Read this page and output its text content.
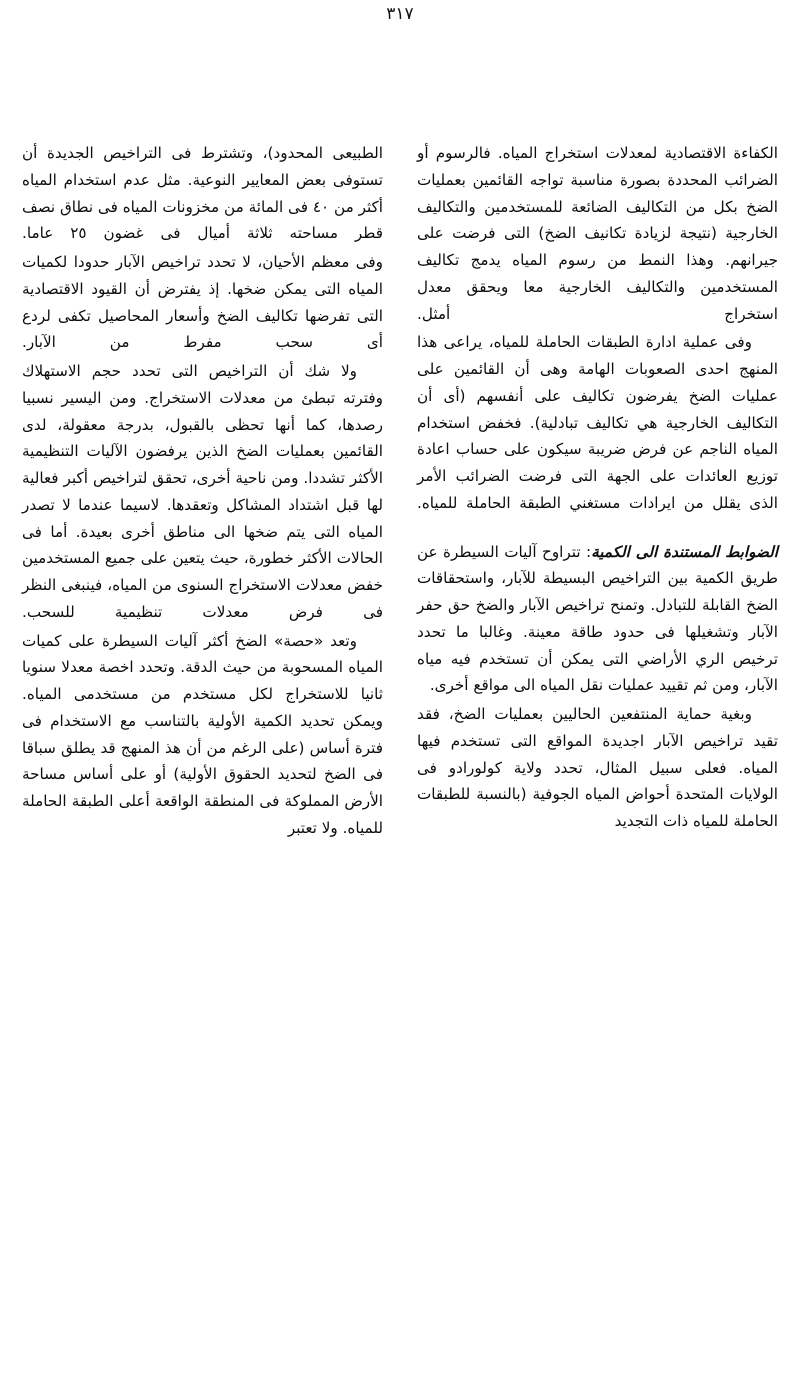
٣١٧

الكفاءة الاقتصادية لمعدلات استخراج المياه. فالرسوم أو الضرائب المحددة بصورة مناسبة تواجه القائمين بعمليات الضخ بكل من التكاليف الضائعة للمستخدمين والتكاليف الخارجية (نتيجة لزيادة تكانيف الضخ) التى فرضت على جيرانهم. وهذا النمط من رسوم المياه يدمج تكاليف المستخدمين والتكاليف الخارجية معا ويحقق معدل استخراج أمثل.

وفى عملية ادارة الطبقات الحاملة للمياه، يراعى هذا المنهج احدى الصعوبات الهامة وهى أن القائمين على عمليات الضخ يفرضون تكاليف على أنفسهم (أى أن التكاليف الخارجية هي تكاليف تبادلية). فخفض استخدام المياه الناجم عن فرض ضريبة سيكون على حساب اعادة توزيع العائدات على الجهة التى فرضت الضرائب الأمر الذى يقلل من ايرادات مستغني الطبقة الحاملة للمياه.

الضوابط المستندة الى الكمية: تتراوح آليات السيطرة عن طريق الكمية بين التراخيص البسيطة للآبار، واستحقاقات الضخ القابلة للتبادل. وتمنح تراخيص الآبار والضخ حق حفر الآبار وتشغيلها فى حدود طاقة معينة. وغالبا ما تحدد ترخيص الري الأراضي التى يمكن أن تستخدم فيه مياه الآبار، ومن ثم تقييد عمليات نقل المياه الى مواقع أخرى.

وبغية حماية المنتفعين الحاليين بعمليات الضخ، فقد تقيد تراخيص الآبار اجديدة المواقع التى تستخدم فيها المياه. فعلى سبيل المثال، تحدد ولاية كولورادو فى الولايات المتحدة أحواض المياه الجوفية (بالنسبة للطبقات الحاملة للمياه ذات التجديد

الطبيعى المحدود)، وتشترط فى التراخيص الجديدة أن تستوفى بعض المعايير النوعية. مثل عدم استخدام المياه أكثر من ٤٠ فى المائة من مخزونات المياه فى نطاق نصف قطر مساحته ثلاثة أميال فى غضون ٢٥ عاما.

وفى معظم الأحيان، لا تحدد تراخيص الآبار حدودا لكميات المياه التى يمكن ضخها. إذ يفترض أن القيود الاقتصادية التى تفرضها تكاليف الضخ وأسعار المحاصيل تكفى لردع أى سحب مفرط من الآبار.

ولا شك أن التراخيص التى تحدد حجم الاستهلاك وفترته تبطئ من معدلات الاستخراج. ومن اليسير نسبيا رصدها، كما أنها تحظى بالقبول، بدرجة معقولة، لدى القائمين بعمليات الضخ الذين يرفضون الآليات التنظيمية الأكثر تشددا. ومن ناحية أخرى، تحقق لتراخيص أكبر فعالية لها قبل اشتداد المشاكل وتعقدها. لاسيما عندما لا تصدر المياه التى يتم ضخها الى مناطق أخرى بعيدة. أما فى الحالات الأكثر خطورة، حيث يتعين على جميع المستخدمين خفض معدلات الاستخراج السنوى من المياه، فينبغى النظر فى فرض معدلات تنظيمية للسحب.

وتعد «حصة» الضخ أكثر آليات السيطرة على كميات المياه المسحوبة من حيث الدقة. وتحدد اخصة معدلا سنويا ثانيا للاستخراج لكل مستخدم من مستخدمى المياه. ويمكن تحديد الكمية الأولية بالتناسب مع الاستخدام فى فترة أساس (على الرغم من أن هذ المنهج قد يطلق سباقا فى الضخ لتحديد الحقوق الأولية) أو على أساس مساحة الأرض المملوكة فى المنطقة الواقعة أعلى الطبقة الحاملة للمياه. ولا تعتبر
